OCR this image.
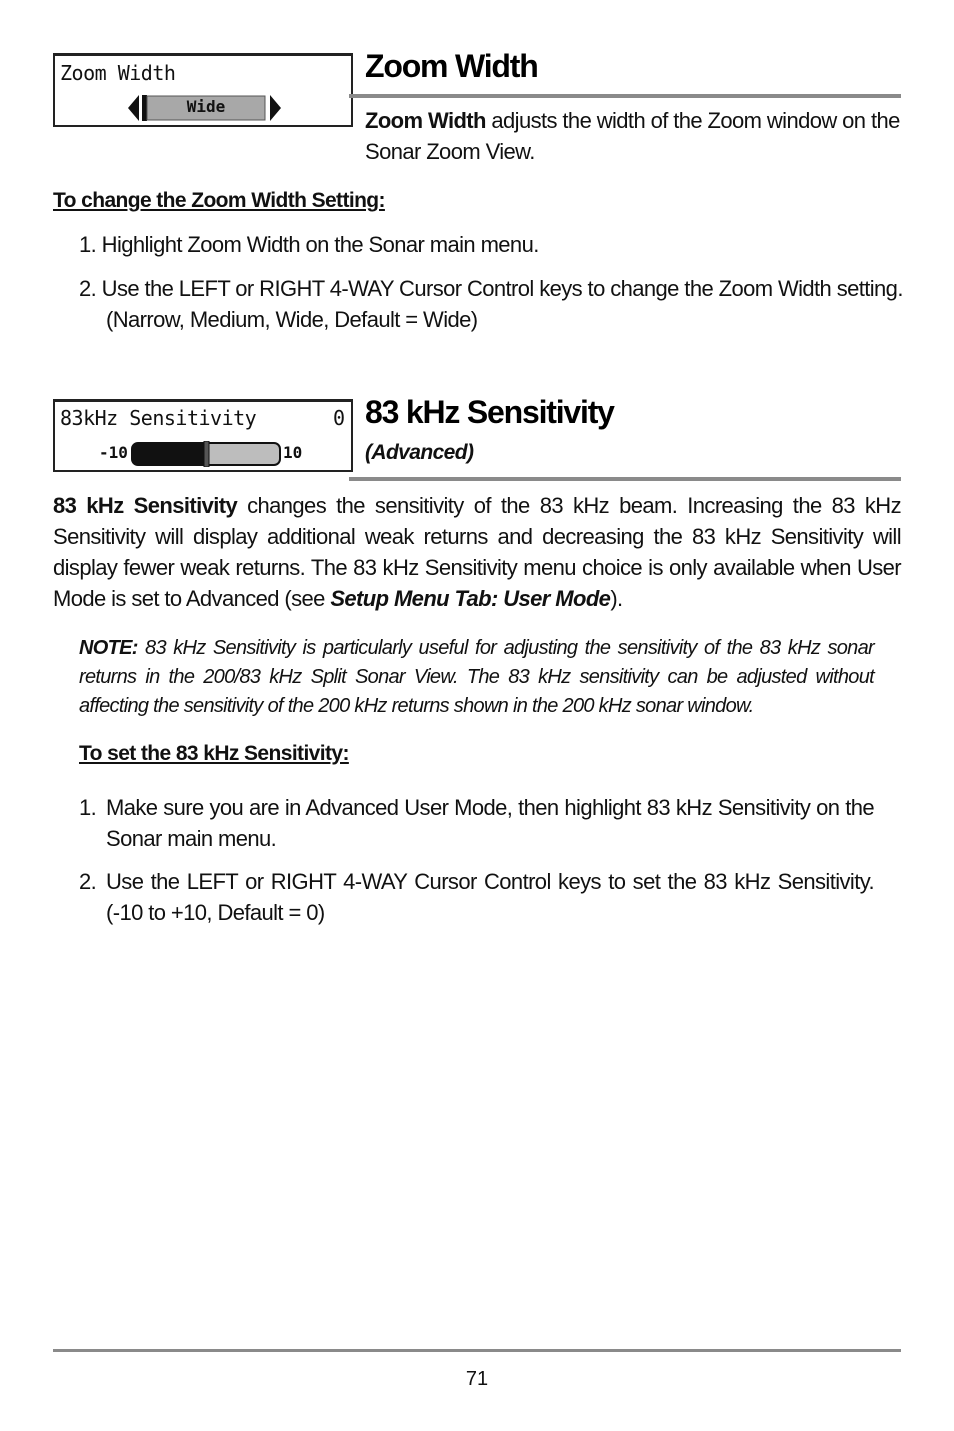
Zoom Width
Wide
Zoom Width
Zoom Width adjusts the width of the Zoom window on the Sonar Zoom View.
To change the Zoom Width Setting:
1. Highlight Zoom Width on the Sonar main menu.
2. Use the LEFT or RIGHT 4-WAY Cursor Control keys to change the Zoom Width setting.
(Narrow, Medium, Wide, Default = Wide)
83kHz Sensitivity	0
-10	10
83 kHz Sensitivity
(Advanced)
83 kHz Sensitivity changes the sensitivity of the 83 kHz beam. Increasing the 83 kHz Sensitivity will display additional weak returns and decreasing the 83 kHz Sensitivity will display fewer weak returns. The 83 kHz Sensitivity menu choice is only available when User Mode is set to Advanced (see Setup Menu Tab: User Mode).
NOTE: 83 kHz Sensitivity is particularly useful for adjusting the sensitivity of the 83 kHz sonar returns in the 200/83 kHz Split Sonar View. The 83 kHz sensitivity can be adjusted without affecting the sensitivity of the 200 kHz returns shown in the 200 kHz sonar window.
To set the 83 kHz Sensitivity:
1. Make sure you are in Advanced User Mode, then highlight 83 kHz Sensitivity on the Sonar main menu.
2. Use the LEFT or RIGHT 4-WAY Cursor Control keys to set the 83 kHz Sensitivity. (-10 to +10, Default = 0)
71
